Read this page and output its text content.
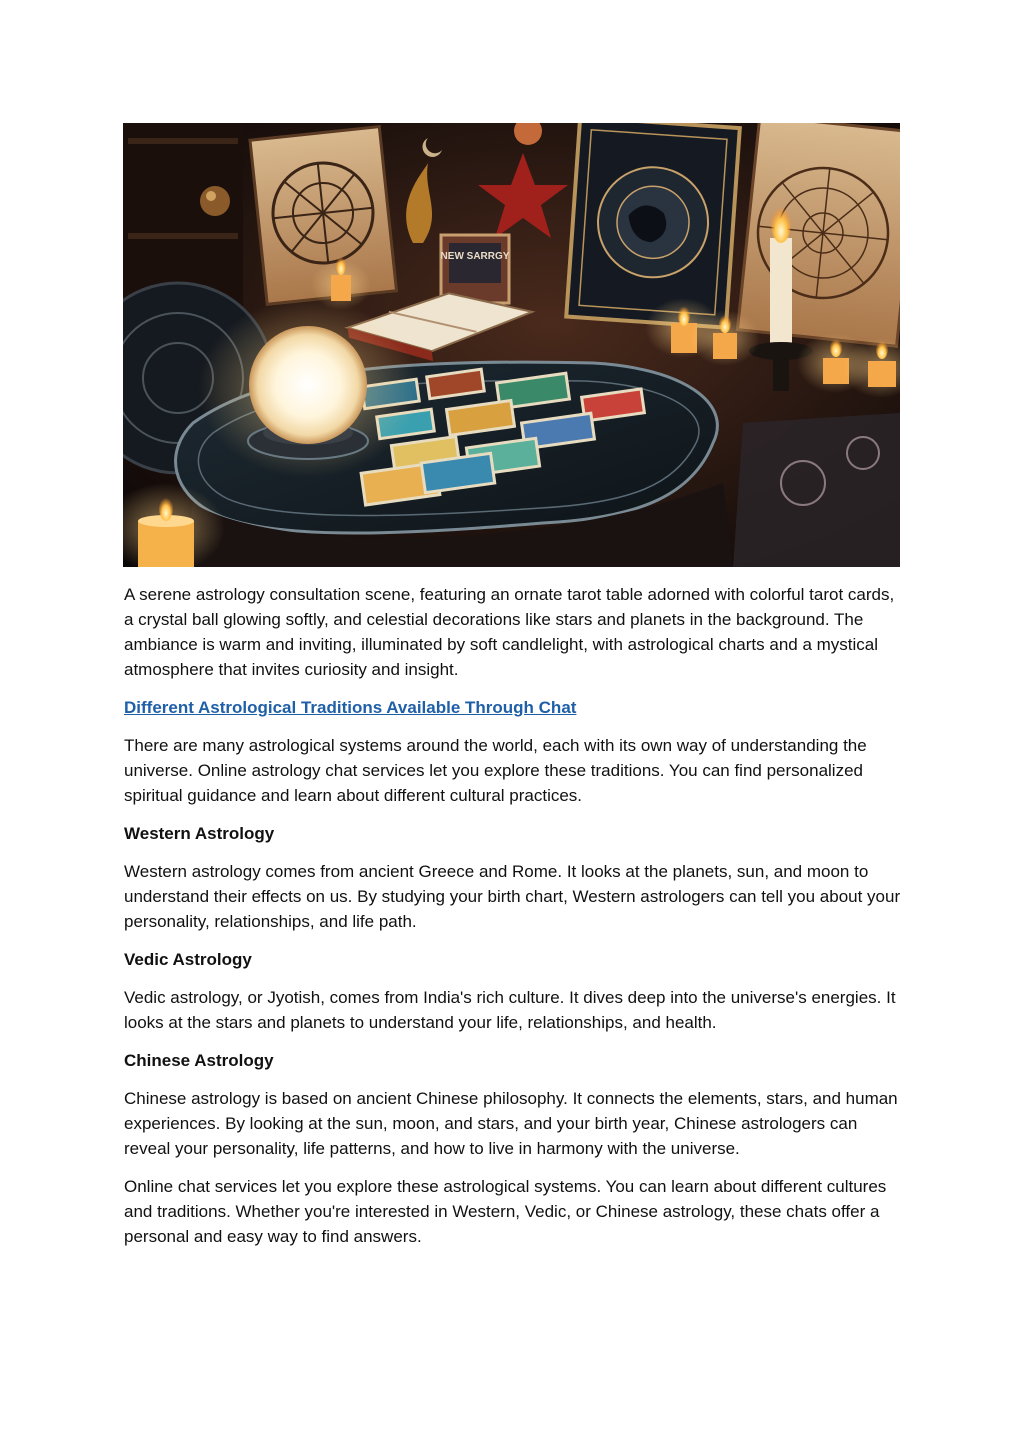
NEW SARRGY

A serene astrology consultation scene, featuring an ornate tarot table adorned with colorful tarot cards, a crystal ball glowing softly, and celestial decorations like stars and planets in the background. The ambiance is warm and inviting, illuminated by soft candlelight, with astrological charts and a mystical atmosphere that invites curiosity and insight.

Different Astrological Traditions Available Through Chat

There are many astrological systems around the world, each with its own way of understanding the universe. Online astrology chat services let you explore these traditions. You can find personalized spiritual guidance and learn about different cultural practices.

Western Astrology

Western astrology comes from ancient Greece and Rome. It looks at the planets, sun, and moon to understand their effects on us. By studying your birth chart, Western astrologers can tell you about your personality, relationships, and life path.

Vedic Astrology

Vedic astrology, or Jyotish, comes from India's rich culture. It dives deep into the universe's energies. It looks at the stars and planets to understand your life, relationships, and health.

Chinese Astrology

Chinese astrology is based on ancient Chinese philosophy. It connects the elements, stars, and human experiences. By looking at the sun, moon, and stars, and your birth year, Chinese astrologers can reveal your personality, life patterns, and how to live in harmony with the universe.

Online chat services let you explore these astrological systems. You can learn about different cultures and traditions. Whether you're interested in Western, Vedic, or Chinese astrology, these chats offer a personal and easy way to find answers.
